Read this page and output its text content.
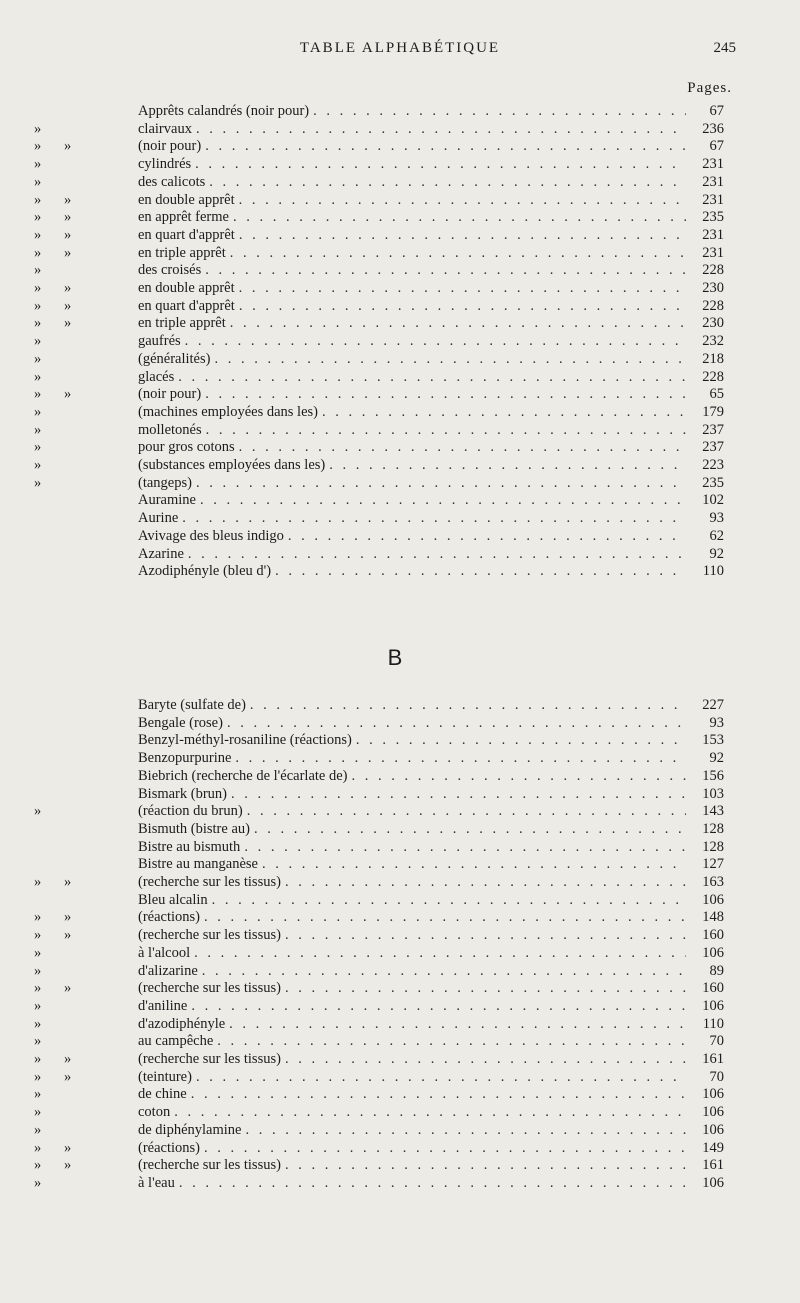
TABLE ALPHABÉTIQUE	245
Pages.
Apprêts calandrés (noir pour) . . .	67
»	clairvaux . . .	236
»	»	(noir pour) . . .	67
»	cylindrés . . .	231
»	des calicots . . .	231
»	»	en double apprêt . . .	231
»	»	en apprêt ferme . . .	235
»	»	en quart d'apprêt . . .	231
»	»	en triple apprêt . . .	231
»	des croisés . . .	228
»	»	en double apprêt . . .	230
»	»	en quart d'apprêt . . .	228
»	»	en triple apprêt . . .	230
»	gaufrés . . .	232
»	(généralités) . . .	218
»	glacés . . .	228
»	»	(noir pour) . . .	65
»	(machines employées dans les) . . .	179
»	molletonés . . .	237
»	pour gros cotons . . .	237
»	(substances employées dans les) . . .	223
»	(tangeps) . . .	235
Auramine . . .	102
Aurine . . .	93
Avivage des bleus indigo . . .	62
Azarine . . .	92
Azodiphényle (bleu d') . . .	110
B
Baryte (sulfate de) . . .	227
Bengale (rose) . . .	93
Benzyl-méthyl-rosaniline (réactions) . . .	153
Benzopurpurine . . .	92
Biebrich (recherche de l'écarlate de) . . .	156
Bismark (brun) . . .	103
»	(réaction du brun) . . .	143
Bismuth (bistre au) . . .	128
Bistre au bismuth . . .	128
Bistre au manganèse . . .	127
»	»	(recherche sur les tissus) . . .	163
Bleu alcalin . . .	106
»	»	(réactions) . . .	148
»	»	(recherche sur les tissus) . . .	160
»	à l'alcool . . .	106
»	d'alizarine . . .	89
»	»	(recherche sur les tissus) . . .	160
»	d'aniline . . .	106
»	d'azodiphényle . . .	110
»	au campêche . . .	70
»	»	(recherche sur les tissus) . . .	161
»	»	(teinture) . . .	70
»	de chine . . .	106
»	coton . . .	106
»	de diphénylamine . . .	106
»	»	(réactions) . . .	149
»	»	(recherche sur les tissus) . . .	161
»	à l'eau . . .	106
